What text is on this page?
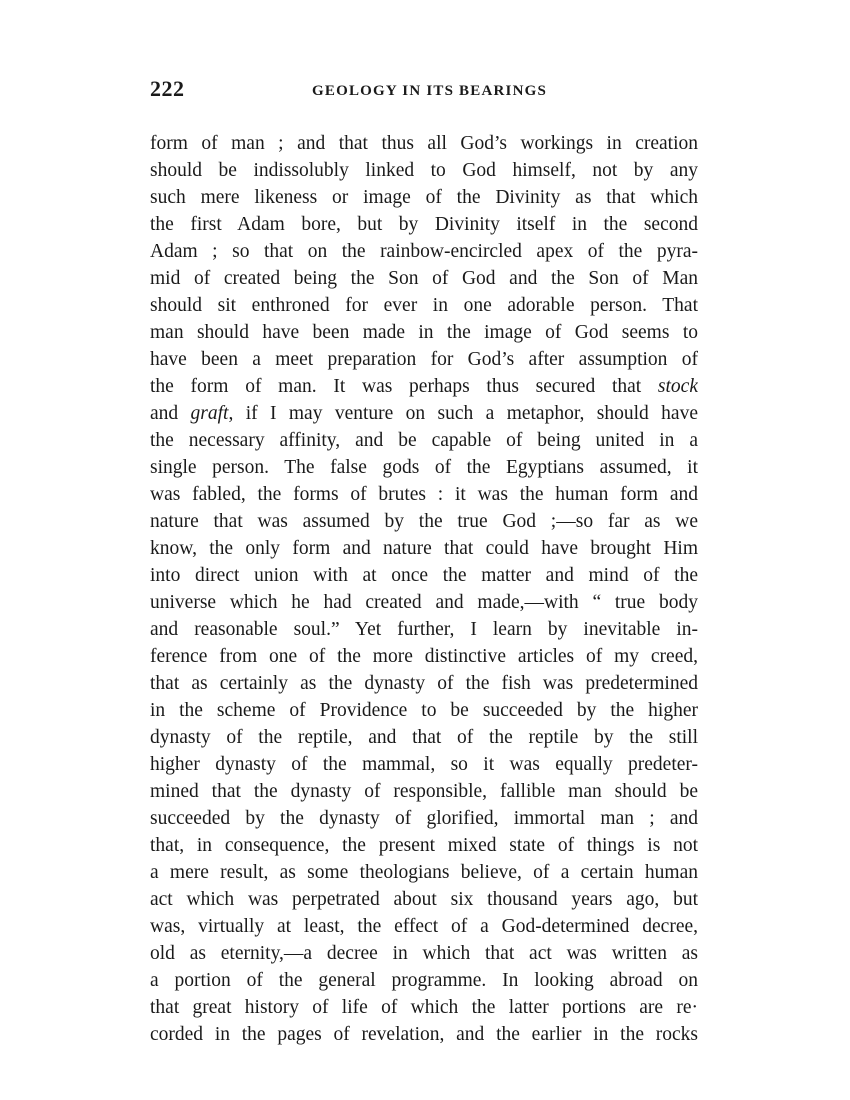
222	GEOLOGY IN ITS BEARINGS
form of man ; and that thus all God’s workings in creation
should be indissolubly linked to God himself, not by any
such mere likeness or image of the Divinity as that which
the first Adam bore, but by Divinity itself in the second
Adam ; so that on the rainbow-encircled apex of the pyra-
mid of created being the Son of God and the Son of Man
should sit enthroned for ever in one adorable person. That
man should have been made in the image of God seems to
have been a meet preparation for God’s after assumption of
the form of man. It was perhaps thus secured that stock
and graft, if I may venture on such a metaphor, should have
the necessary affinity, and be capable of being united in a
single person. The false gods of the Egyptians assumed, it
was fabled, the forms of brutes : it was the human form and
nature that was assumed by the true God ;—so far as we
know, the only form and nature that could have brought Him
into direct union with at once the matter and mind of the
universe which he had created and made,—with “ true body
and reasonable soul.” Yet further, I learn by inevitable in-
ference from one of the more distinctive articles of my creed,
that as certainly as the dynasty of the fish was predetermined
in the scheme of Providence to be succeeded by the higher
dynasty of the reptile, and that of the reptile by the still
higher dynasty of the mammal, so it was equally predeter-
mined that the dynasty of responsible, fallible man should be
succeeded by the dynasty of glorified, immortal man ; and
that, in consequence, the present mixed state of things is not
a mere result, as some theologians believe, of a certain human
act which was perpetrated about six thousand years ago, but
was, virtually at least, the effect of a God-determined decree,
old as eternity,—a decree in which that act was written as
a portion of the general programme. In looking abroad on
that great history of life of which the latter portions are re·
corded in the pages of revelation, and the earlier in the rocks
